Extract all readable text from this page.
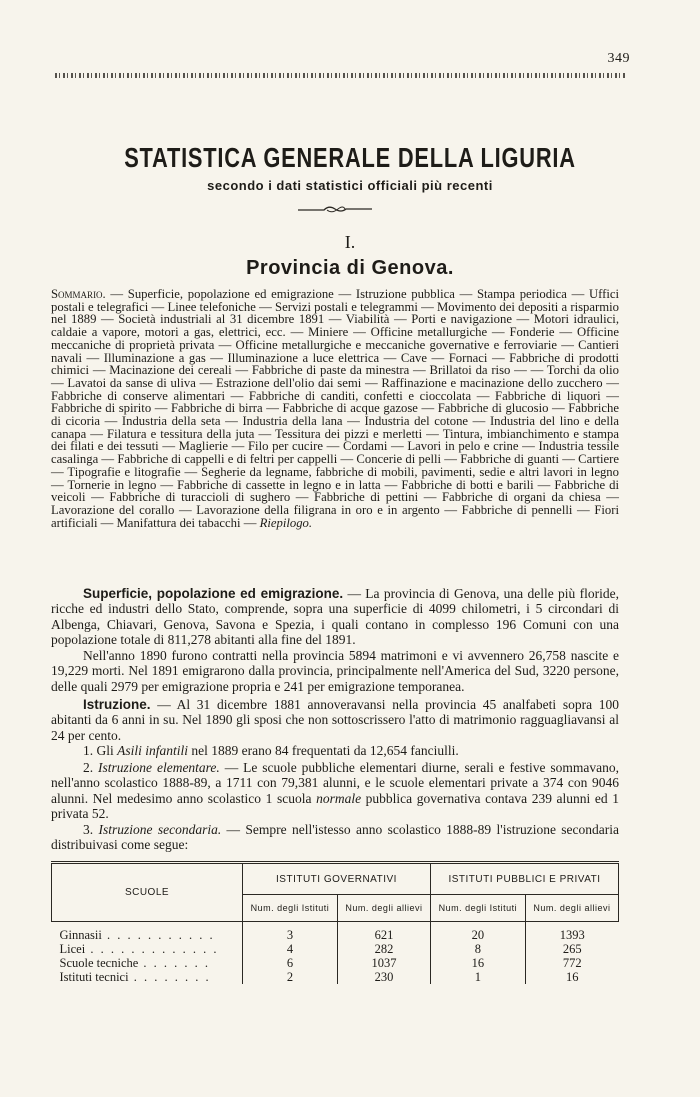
349
STATISTICA GENERALE DELLA LIGURIA
secondo i dati statistici officiali più recenti
I.
Provincia di Genova.
Sommario. — Superficie, popolazione ed emigrazione — Istruzione pubblica — Stampa periodica — Uffici postali e telegrafici — Linee telefoniche — Servizi postali e telegrammi — Movimento dei depositi a risparmio nel 1889 — Società industriali al 31 dicembre 1891 — Viabilità — Porti e navigazione — Motori idraulici, caldaie a vapore, motori a gas, elettrici, ecc. — Miniere — Officine metallurgiche — Fonderie — Officine meccaniche di proprietà privata — Officine metallurgiche e meccaniche governative e ferroviarie — Cantieri navali — Illuminazione a gas — Illuminazione a luce elettrica — Cave — Fornaci — Fabbriche di prodotti chimici — Macinazione dei cereali — Fabbriche di paste da minestra — Brillatoi da riso — — Torchi da olio — Lavatoi da sanse di uliva — Estrazione dell'olio dai semi — Raffinazione e macinazione dello zucchero — Fabbriche di conserve alimentari — Fabbriche di canditi, confetti e cioccolata — Fabbriche di liquori — Fabbriche di spirito — Fabbriche di birra — Fabbriche di acque gazose — Fabbriche di glucosio — Fabbriche di cicoria — Industria della seta — Industria della lana — Industria del cotone — Industria del lino e della canapa — Filatura e tessitura della juta — Tessitura dei pizzi e merletti — Tintura, imbianchimento e stampa dei filati e dei tessuti — Maglierie — Filo per cucire — Cordami — Lavori in pelo e crine — Industria tessile casalinga — Fabbriche di cappelli e di feltri per cappelli — Concerie di pelli — Fabbriche di guanti — Cartiere — Tipografie e litografie — Segherie da legname, fabbriche di mobili, pavimenti, sedie e altri lavori in legno — Tornerie in legno — Fabbriche di cassette in legno e in latta — Fabbriche di botti e barili — Fabbriche di veicoli — Fabbriche di turaccioli di sughero — Fabbriche di pettini — Fabbriche di organi da chiesa — Lavorazione del corallo — Lavorazione della filigrana in oro e in argento — Fabbriche di pennelli — Fiori artificiali — Manifattura dei tabacchi — Riepilogo.
Superficie, popolazione ed emigrazione. — La provincia di Genova, una delle più floride, ricche ed industri dello Stato, comprende, sopra una superficie di 4099 chilometri, i 5 circondari di Albenga, Chiavari, Genova, Savona e Spezia, i quali contano in complesso 196 Comuni con una popolazione totale di 811,278 abitanti alla fine del 1891.
Nell'anno 1890 furono contratti nella provincia 5894 matrimoni e vi avvennero 26,758 nascite e 19,229 morti. Nel 1891 emigrarono dalla provincia, principalmente nell'America del Sud, 3220 persone, delle quali 2979 per emigrazione propria e 241 per emigrazione temporanea.
Istruzione. — Al 31 dicembre 1881 annoveravansi nella provincia 45 analfabeti sopra 100 abitanti da 6 anni in su. Nel 1890 gli sposi che non sottoscrissero l'atto di matrimonio ragguagliavansi al 24 per cento.
1. Gli Asili infantili nel 1889 erano 84 frequentati da 12,654 fanciulli.
2. Istruzione elementare. — Le scuole pubbliche elementari diurne, serali e festive sommavano, nell'anno scolastico 1888-89, a 1711 con 79,381 alunni, e le scuole elementari private a 374 con 9046 alunni. Nel medesimo anno scolastico 1 scuola normale pubblica governativa contava 239 alunni ed 1 privata 52.
3. Istruzione secondaria. — Sempre nell'istesso anno scolastico 1888-89 l'istruzione secondaria distribuivasi come segue:
SCUOLE	ISTITUTI GOVERNATIVI		ISTITUTI PUBBLICI E PRIVATI	
	Num. degli Istituti	Num. degli allievi	Num. degli Istituti	Num. degli allievi
Ginnasii . . . . . . . . . . .	3	621	20	1393
Licei . . . . . . . . . . . . .	4	282	8	265
Scuole tecniche . . . . . . .	6	1037	16	772
Istituti tecnici . . . . . . . .	2	230	1	16
